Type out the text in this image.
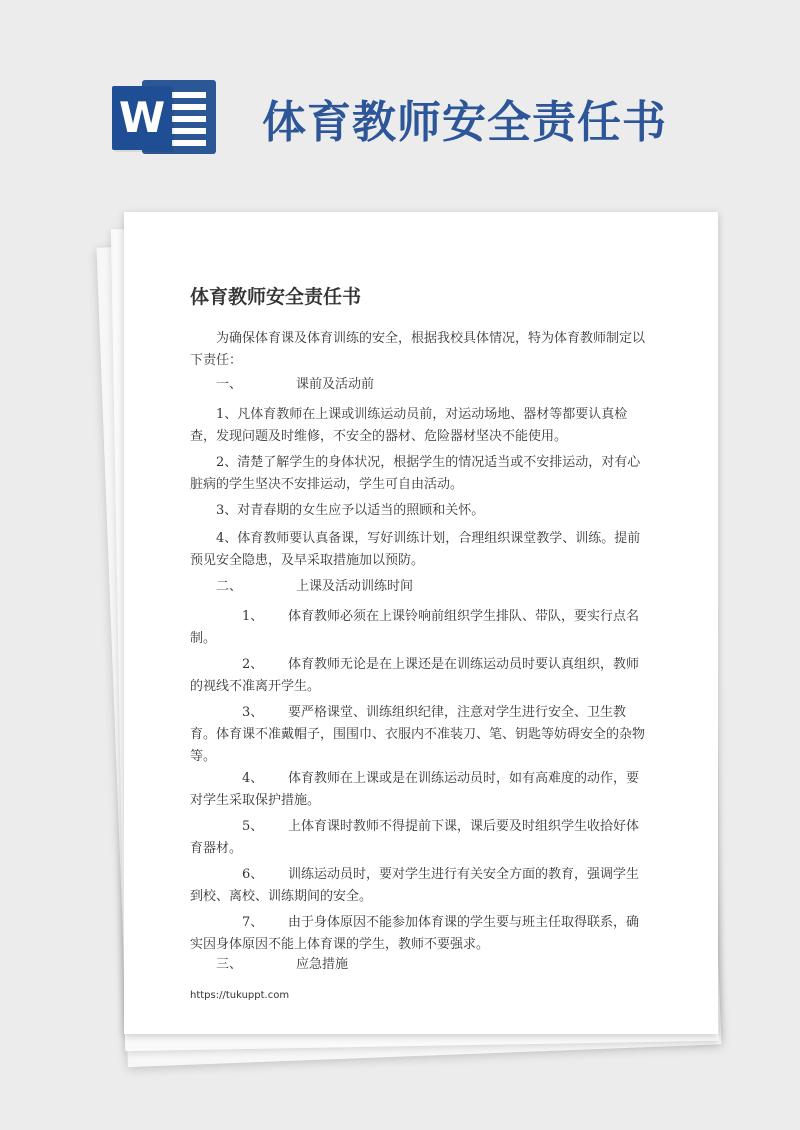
W 体育教师安全责任书
体育教师安全责任书

为确保体育课及体育训练的安全，根据我校具体情况，特为体育教师制定以下责任：

一、	课前及活动前

1、凡体育教师在上课或训练运动员前，对运动场地、器材等都要认真检查，发现问题及时维修，不安全的器材、危险器材坚决不能使用。

2、清楚了解学生的身体状况，根据学生的情况适当或不安排运动，对有心脏病的学生坚决不安排运动，学生可自由活动。

3、对青春期的女生应予以适当的照顾和关怀。

4、体育教师要认真备课，写好训练计划，合理组织课堂教学、训练。提前预见安全隐患，及早采取措施加以预防。

二、	上课及活动训练时间

1、 体育教师必须在上课铃响前组织学生排队、带队，要实行点名制。

2、 体育教师无论是在上课还是在训练运动员时要认真组织，教师的视线不准离开学生。

3、 要严格课堂、训练组织纪律，注意对学生进行安全、卫生教育。体育课不准戴帽子，围围巾、衣服内不准装刀、笔、钥匙等妨碍安全的杂物等。

4、 体育教师在上课或是在训练运动员时，如有高难度的动作，要对学生采取保护措施。

5、 上体育课时教师不得提前下课，课后要及时组织学生收拾好体育器材。

6、 训练运动员时，要对学生进行有关安全方面的教育，强调学生到校、离校、训练期间的安全。

7、 由于身体原因不能参加体育课的学生要与班主任取得联系，确实因身体原因不能上体育课的学生，教师不要强求。

三、	应急措施
https://tukuppt.com
